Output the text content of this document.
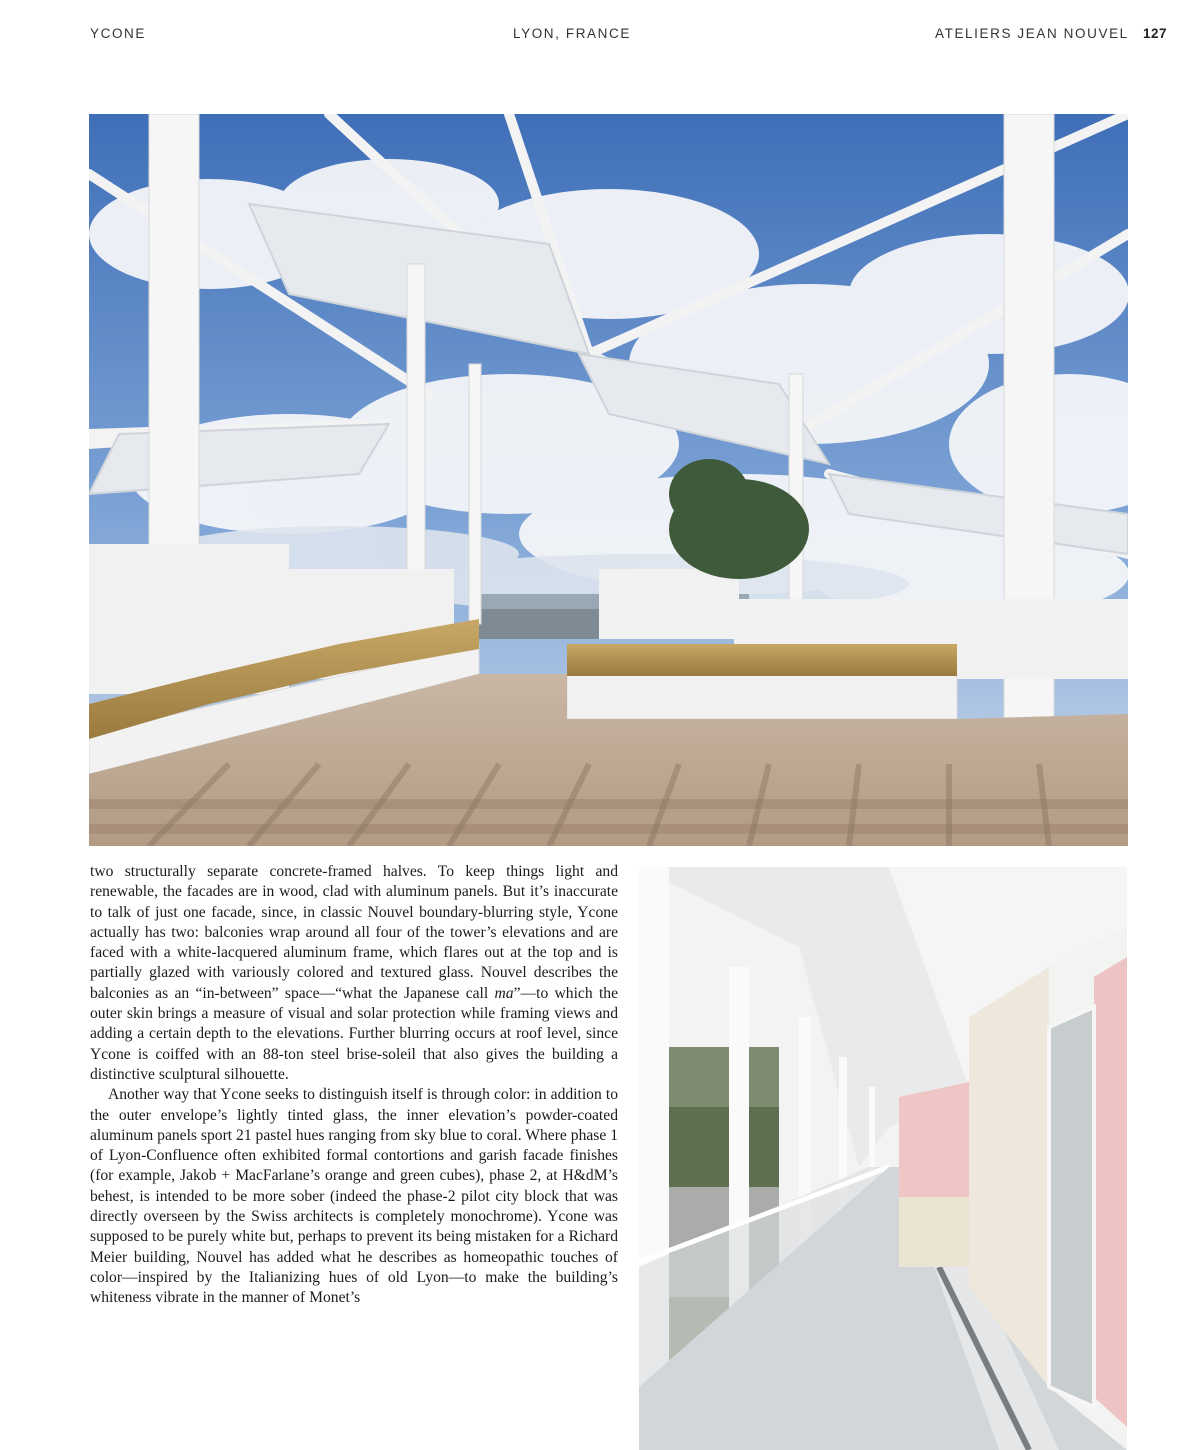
YCONE	LYON, FRANCE	ATELIERS JEAN NOUVEL 127

two structurally separate concrete-framed halves. To keep things light and renewable, the facades are in wood, clad with aluminum panels. But it’s inaccurate to talk of just one facade, since, in classic Nouvel boundary-blurring style, Ycone actually has two: balconies wrap around all four of the tower’s elevations and are faced with a white-lacquered aluminum frame, which flares out at the top and is partially glazed with variously colored and textured glass. Nouvel describes the balconies as an “in-between” space—“what the Japanese call ma”—to which the outer skin brings a measure of visual and solar protection while framing views and adding a certain depth to the elevations. Further blurring occurs at roof level, since Ycone is coiffed with an 88-ton steel brise-soleil that also gives the building a distinctive sculptural silhouette.

Another way that Ycone seeks to distinguish itself is through color: in addition to the outer envelope’s lightly tinted glass, the inner elevation’s powder-coated aluminum panels sport 21 pastel hues ranging from sky blue to coral. Where phase 1 of Lyon-Confluence often exhibited formal contortions and garish facade finishes (for example, Jakob + MacFarlane’s orange and green cubes), phase 2, at H&dM’s behest, is intended to be more sober (indeed the phase-2 pilot city block that was directly overseen by the Swiss architects is completely monochrome). Ycone was supposed to be purely white but, perhaps to prevent its being mistaken for a Richard Meier building, Nouvel has added what he describes as homeopathic touches of color—inspired by the Italianizing hues of old Lyon—to make the building’s whiteness vibrate in the manner of Monet’s
